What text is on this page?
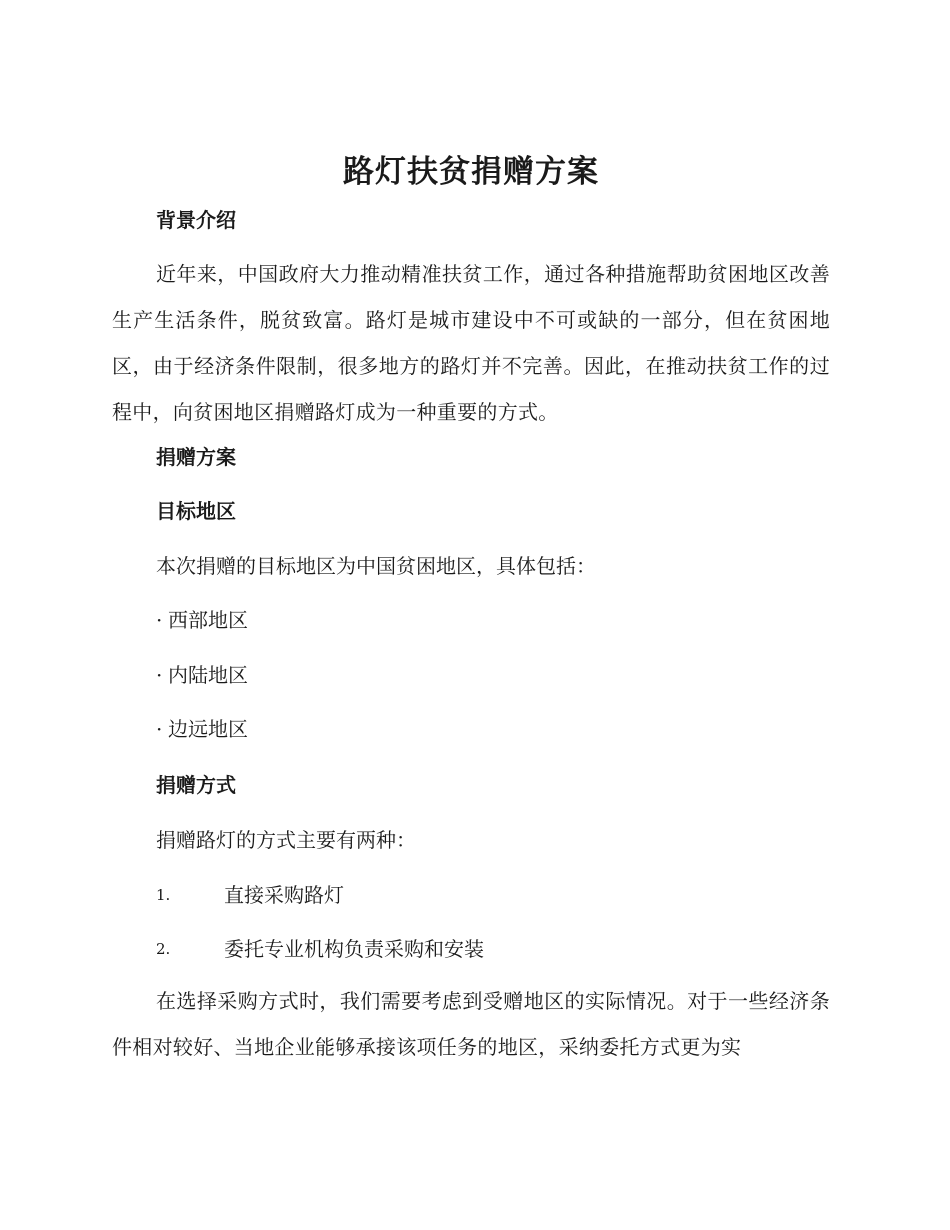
路灯扶贫捐赠方案
背景介绍

近年来，中国政府大力推动精准扶贫工作，通过各种措施帮助贫困地区改善生产生活条件，脱贫致富。路灯是城市建设中不可或缺的一部分，但在贫困地区，由于经济条件限制，很多地方的路灯并不完善。因此，在推动扶贫工作的过程中，向贫困地区捐赠路灯成为一种重要的方式。

捐赠方案
目标地区

本次捐赠的目标地区为中国贫困地区，具体包括：

· 西部地区
· 内陆地区
· 边远地区
捐赠方式

捐赠路灯的方式主要有两种：

1.	直接采购路灯
2.	委托专业机构负责采购和安装

在选择采购方式时，我们需要考虑到受赠地区的实际情况。对于一些经济条件相对较好、当地企业能够承接该项任务的地区，采纳委托方式更为实
